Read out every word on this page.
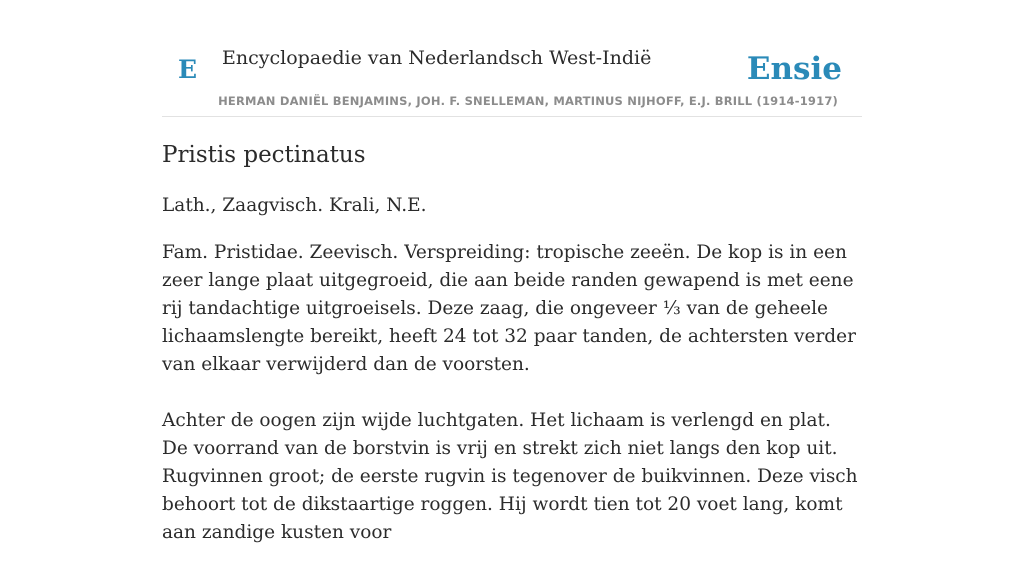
E Encyclopaedie van Nederlandsch West-Indië	Ensie
HERMAN DANIËL BENJAMINS, JOH. F. SNELLEMAN, MARTINUS NIJHOFF, E.J. BRILL (1914-1917)
Pristis pectinatus
Lath., Zaagvisch. Krali, N.E.

Fam. Pristidae. Zeevisch. Verspreiding: tropische zeeën. De kop is in een zeer lange plaat uitgegroeid, die aan beide randen gewapend is met eene rij tandachtige uitgroeisels. Deze zaag, die ongeveer ⅓ van de geheele lichaamslengte bereikt, heeft 24 tot 32 paar tanden, de achtersten verder van elkaar verwijderd dan de voorsten.

Achter de oogen zijn wijde luchtgaten. Het lichaam is verlengd en plat. De voorrand van de borstvin is vrij en strekt zich niet langs den kop uit. Rugvinnen groot; de eerste rugvin is tegenover de buikvinnen. Deze visch behoort tot de dikstaartige roggen. Hij wordt tien tot 20 voet lang, komt aan zandige kusten voor
